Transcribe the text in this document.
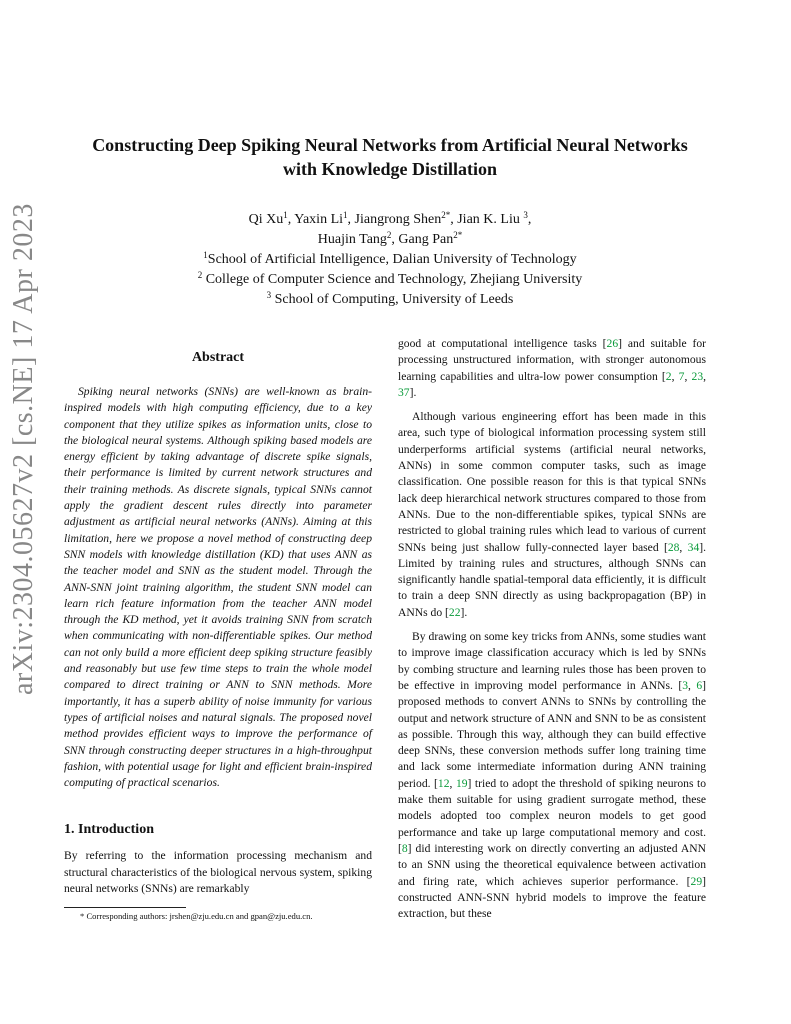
arXiv:2304.05627v2 [cs.NE] 17 Apr 2023
Constructing Deep Spiking Neural Networks from Artificial Neural Networks
with Knowledge Distillation
Qi Xu$^1$, Yaxin Li$^1$, Jiangrong Shen$^{2*}$, Jian K. Liu $^3$,
Huajin Tang$^2$, Gang Pan$^{2*}$
$^1$School of Artificial Intelligence, Dalian University of Technology
$^2$ College of Computer Science and Technology, Zhejiang University
$^3$ School of Computing, University of Leeds
Abstract

Spiking neural networks (SNNs) are well-known as brain-inspired models with high computing efficiency, due to a key component that they utilize spikes as information units, close to the biological neural systems. Although spiking based models are energy efficient by taking advantage of discrete spike signals, their performance is limited by current network structures and their training methods. As discrete signals, typical SNNs cannot apply the gradient descent rules directly into parameter adjustment as artificial neural networks (ANNs). Aiming at this limitation, here we propose a novel method of constructing deep SNN models with knowledge distillation (KD) that uses ANN as the teacher model and SNN as the student model. Through the ANN-SNN joint training algorithm, the student SNN model can learn rich feature information from the teacher ANN model through the KD method, yet it avoids training SNN from scratch when communicating with non-differentiable spikes. Our method can not only build a more efficient deep spiking structure feasibly and reasonably but use few time steps to train the whole model compared to direct training or ANN to SNN methods. More importantly, it has a superb ability of noise immunity for various types of artificial noises and natural signals. The proposed novel method provides efficient ways to improve the performance of SNN through constructing deeper structures in a high-throughput fashion, with potential usage for light and efficient brain-inspired computing of practical scenarios.

1. Introduction

By referring to the information processing mechanism and structural characteristics of the biological nervous system, spiking neural networks (SNNs) are remarkably

* Corresponding authors: jrshen@zju.edu.cn and gpan@zju.edu.cn.

good at computational intelligence tasks [26] and suitable for processing unstructured information, with stronger autonomous learning capabilities and ultra-low power consumption [2, 7, 23, 37].

Although various engineering effort has been made in this area, such type of biological information processing system still underperforms artificial systems (artificial neural networks, ANNs) in some common computer tasks, such as image classification. One possible reason for this is that typical SNNs lack deep hierarchical network structures compared to those from ANNs. Due to the non-differentiable spikes, typical SNNs are restricted to global training rules which lead to various of current SNNs being just shallow fully-connected layer based [28, 34]. Limited by training rules and structures, although SNNs can significantly handle spatial-temporal data efficiently, it is difficult to train a deep SNN directly as using backpropagation (BP) in ANNs do [22].

By drawing on some key tricks from ANNs, some studies want to improve image classification accuracy which is led by SNNs by combing structure and learning rules those has been proven to be effective in improving model performance in ANNs. [3, 6] proposed methods to convert ANNs to SNNs by controlling the output and network structure of ANN and SNN to be as consistent as possible. Through this way, although they can build effective deep SNNs, these conversion methods suffer long training time and lack some intermediate information during ANN training period. [12, 19] tried to adopt the threshold of spiking neurons to make them suitable for using gradient surrogate method, these models adopted too complex neuron models to get good performance and take up large computational memory and cost. [8] did interesting work on directly converting an adjusted ANN to an SNN using the theoretical equivalence between activation and firing rate, which achieves superior performance. [29] constructed ANN-SNN hybrid models to improve the feature extraction, but these
